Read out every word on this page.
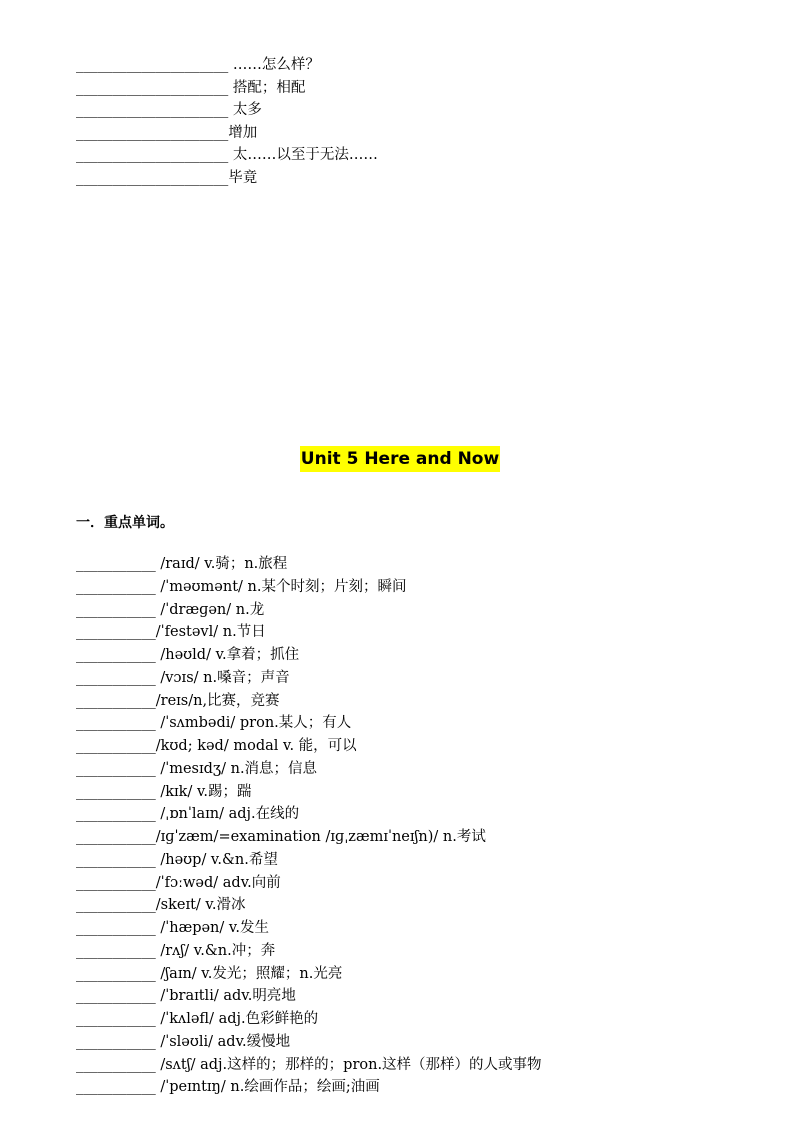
_____________________ ……怎么样？
_____________________ 搭配；相配
_____________________ 太多
_____________________增加
_____________________ 太……以至于无法……
_____________________毕竟
Unit 5 Here and Now
一．重点单词。
___________ /raɪd/ v.骑；n.旅程
___________ /ˈməʊmənt/ n.某个时刻；片刻；瞬间
___________ /ˈdræɡən/ n.龙
___________/ˈfestəvl/ n.节日
___________ /həʊld/ v.拿着；抓住
___________ /vɔɪs/ n.嗓音；声音
___________/reɪs/n,比赛，竞赛
___________ /ˈsʌmbədi/ pron.某人；有人
___________/kʊd; kəd/ modal v. 能，可以
___________ /ˈmesɪdʒ/ n.消息；信息
___________ /kɪk/ v.踢；踹
___________ /ˌɒnˈlaɪn/ adj.在线的
___________/ɪɡˈzæm/=examination /ɪɡˌzæmɪˈneɪʃn)/ n.考试
___________ /həʊp/ v.&n.希望
___________/ˈfɔːwəd/ adv.向前
___________/skeɪt/ v.滑冰
___________ /ˈhæpən/ v.发生
___________ /rʌʃ/ v.&n.冲；奔
___________ /ʃaɪn/ v.发光；照耀；n.光亮
___________ /ˈbraɪtli/ adv.明亮地
___________ /ˈkʌləfl/ adj.色彩鲜艳的
___________ /ˈsləʊli/ adv.缓慢地
___________ /sʌtʃ/ adj.这样的；那样的；pron.这样（那样）的人或事物
___________ /ˈpeɪntɪŋ/ n.绘画作品；绘画;油画
